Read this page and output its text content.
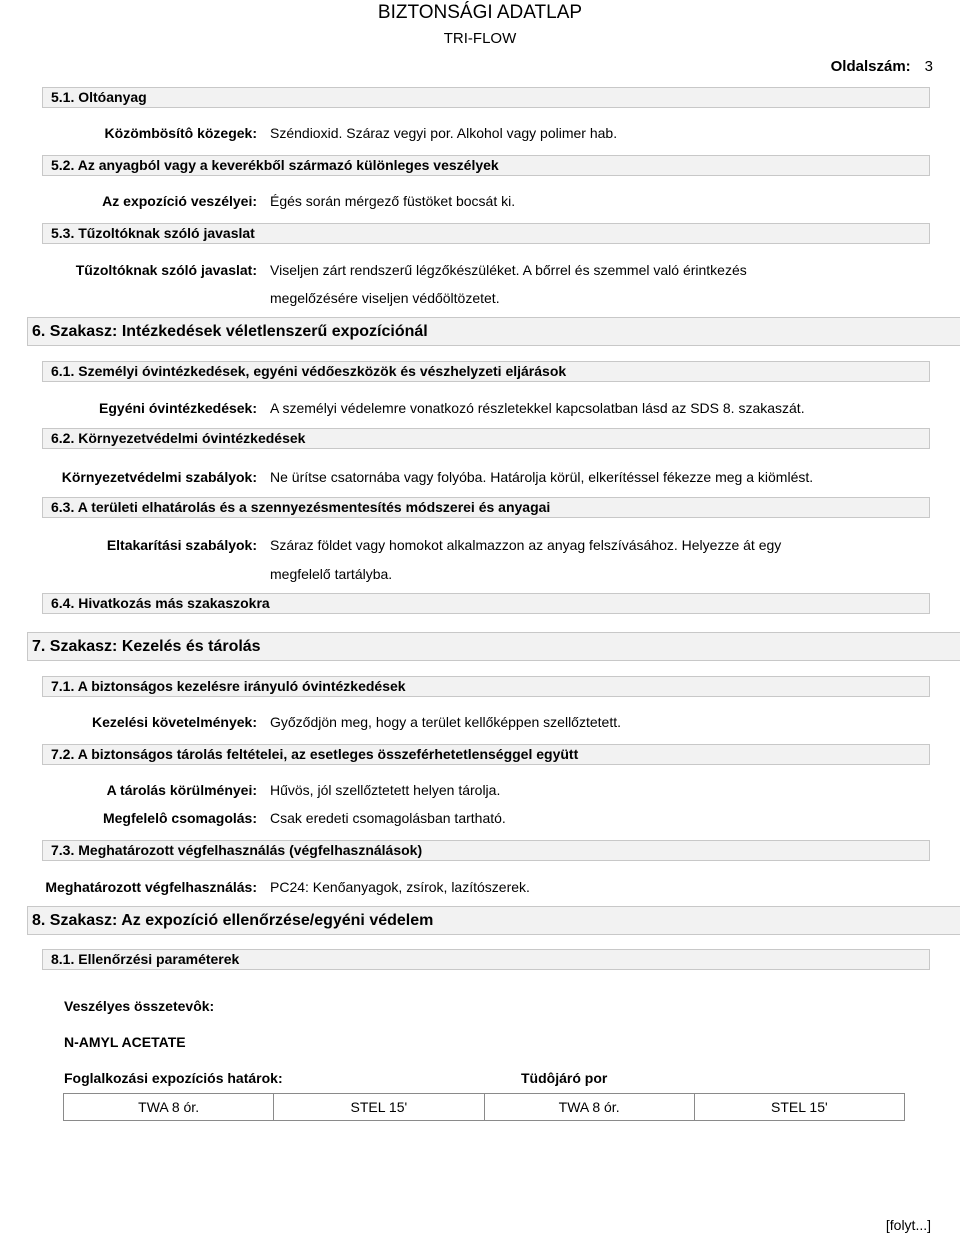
BIZTONSÁGI ADATLAP
TRI-FLOW
Oldalszám: 3
5.1. Oltóanyag
Közömbösítô közegek: Széndioxid. Száraz vegyi por. Alkohol vagy polimer hab.
5.2. Az anyagból vagy a keverékből származó különleges veszélyek
Az expozíció veszélyei: Égés során mérgező füstöket bocsát ki.
5.3. Tűzoltóknak szóló javaslat
Tűzoltóknak szóló javaslat: Viseljen zárt rendszerű légzőkészüléket. A bőrrel és szemmel való érintkezés
megelőzésére viseljen védőöltözetet.
6. Szakasz: Intézkedések véletlenszerű expozíciónál
6.1. Személyi óvintézkedések, egyéni védőeszközök és vészhelyzeti eljárások
Egyéni óvintézkedések: A személyi védelemre vonatkozó részletekkel kapcsolatban lásd az SDS 8. szakaszát.
6.2. Környezetvédelmi óvintézkedések
Környezetvédelmi szabályok: Ne ürítse csatornába vagy folyóba. Határolja körül, elkerítéssel fékezze meg a kiömlést.
6.3. A területi elhatárolás és a szennyezésmentesítés módszerei és anyagai
Eltakarítási szabályok: Száraz földet vagy homokot alkalmazzon az anyag felszívásához. Helyezze át egy
megfelelő tartályba.
6.4. Hivatkozás más szakaszokra
7. Szakasz: Kezelés és tárolás
7.1. A biztonságos kezelésre irányuló óvintézkedések
Kezelési követelmények: Győződjön meg, hogy a terület kellőképpen szellőztetett.
7.2. A biztonságos tárolás feltételei, az esetleges összeférhetetlenséggel együtt
A tárolás körülményei: Hűvös, jól szellőztetett helyen tárolja.
Megfelelô csomagolás: Csak eredeti csomagolásban tartható.
7.3. Meghatározott végfelhasználás (végfelhasználások)
Meghatározott végfelhasználás: PC24: Kenőanyagok, zsírok, lazítószerek.
8. Szakasz: Az expozíció ellenőrzése/egyéni védelem
8.1. Ellenőrzési paraméterek
Veszélyes összetevôk:
N-AMYL ACETATE
Foglalkozási expozíciós határok:	Tüdôjáró por
TWA 8 ór.	STEL 15'	TWA 8 ór.	STEL 15'
[folyt...]
